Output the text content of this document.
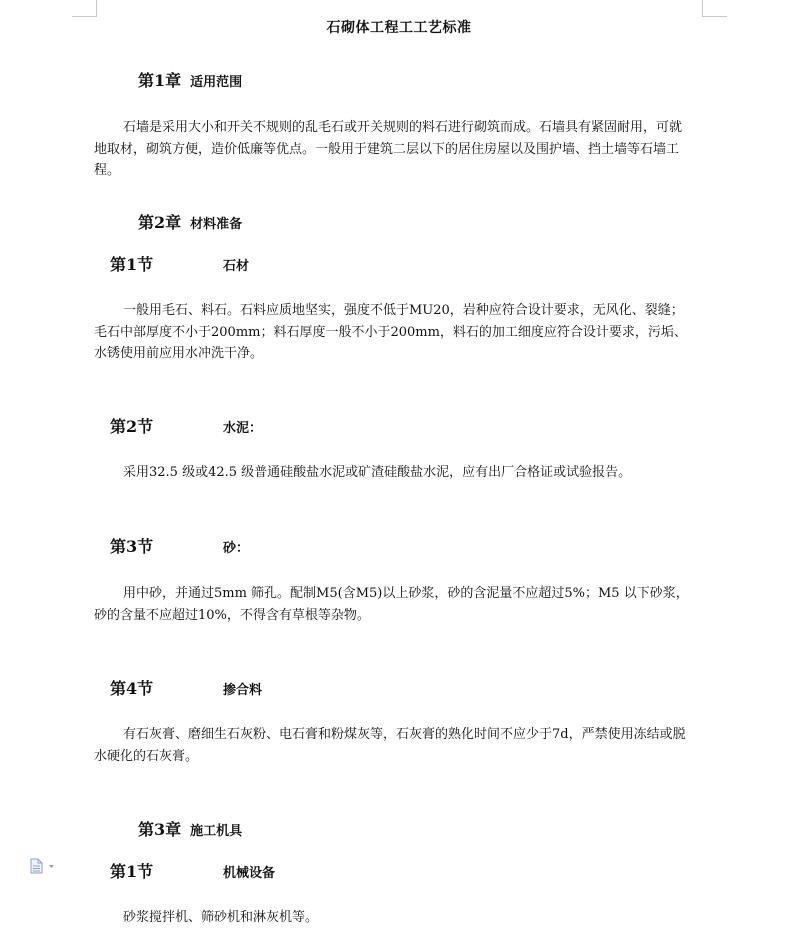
石砌体工程工工艺标准
第1章 适用范围
石墙是采用大小和开关不规则的乱毛石或开关规则的料石进行砌筑而成。石墙具有紧固耐用，可就地取材，砌筑方便，造价低廉等优点。一般用于建筑二层以下的居住房屋以及围护墙、挡土墙等石墙工程。
第2章 材料准备
第1节	石材
一般用毛石、料石。石料应质地坚实，强度不低于MU20，岩种应符合设计要求，无风化、裂缝；毛石中部厚度不小于200mm；料石厚度一般不小于200mm，料石的加工细度应符合设计要求，污垢、水锈使用前应用水冲洗干净。
第2节	水泥：
采用32.5 级或42.5 级普通硅酸盐水泥或矿渣硅酸盐水泥，应有出厂合格证或试验报告。
第3节	砂：
用中砂，并通过5mm 筛孔。配制M5(含M5)以上砂浆，砂的含泥量不应超过5%；M5 以下砂浆，砂的含量不应超过10%，不得含有草根等杂物。
第4节	掺合料
有石灰膏、磨细生石灰粉、电石膏和粉煤灰等，石灰膏的熟化时间不应少于7d，严禁使用冻结或脱水硬化的石灰膏。
第3章 施工机具
第1节	机械设备
砂浆搅拌机、筛砂机和淋灰机等。
